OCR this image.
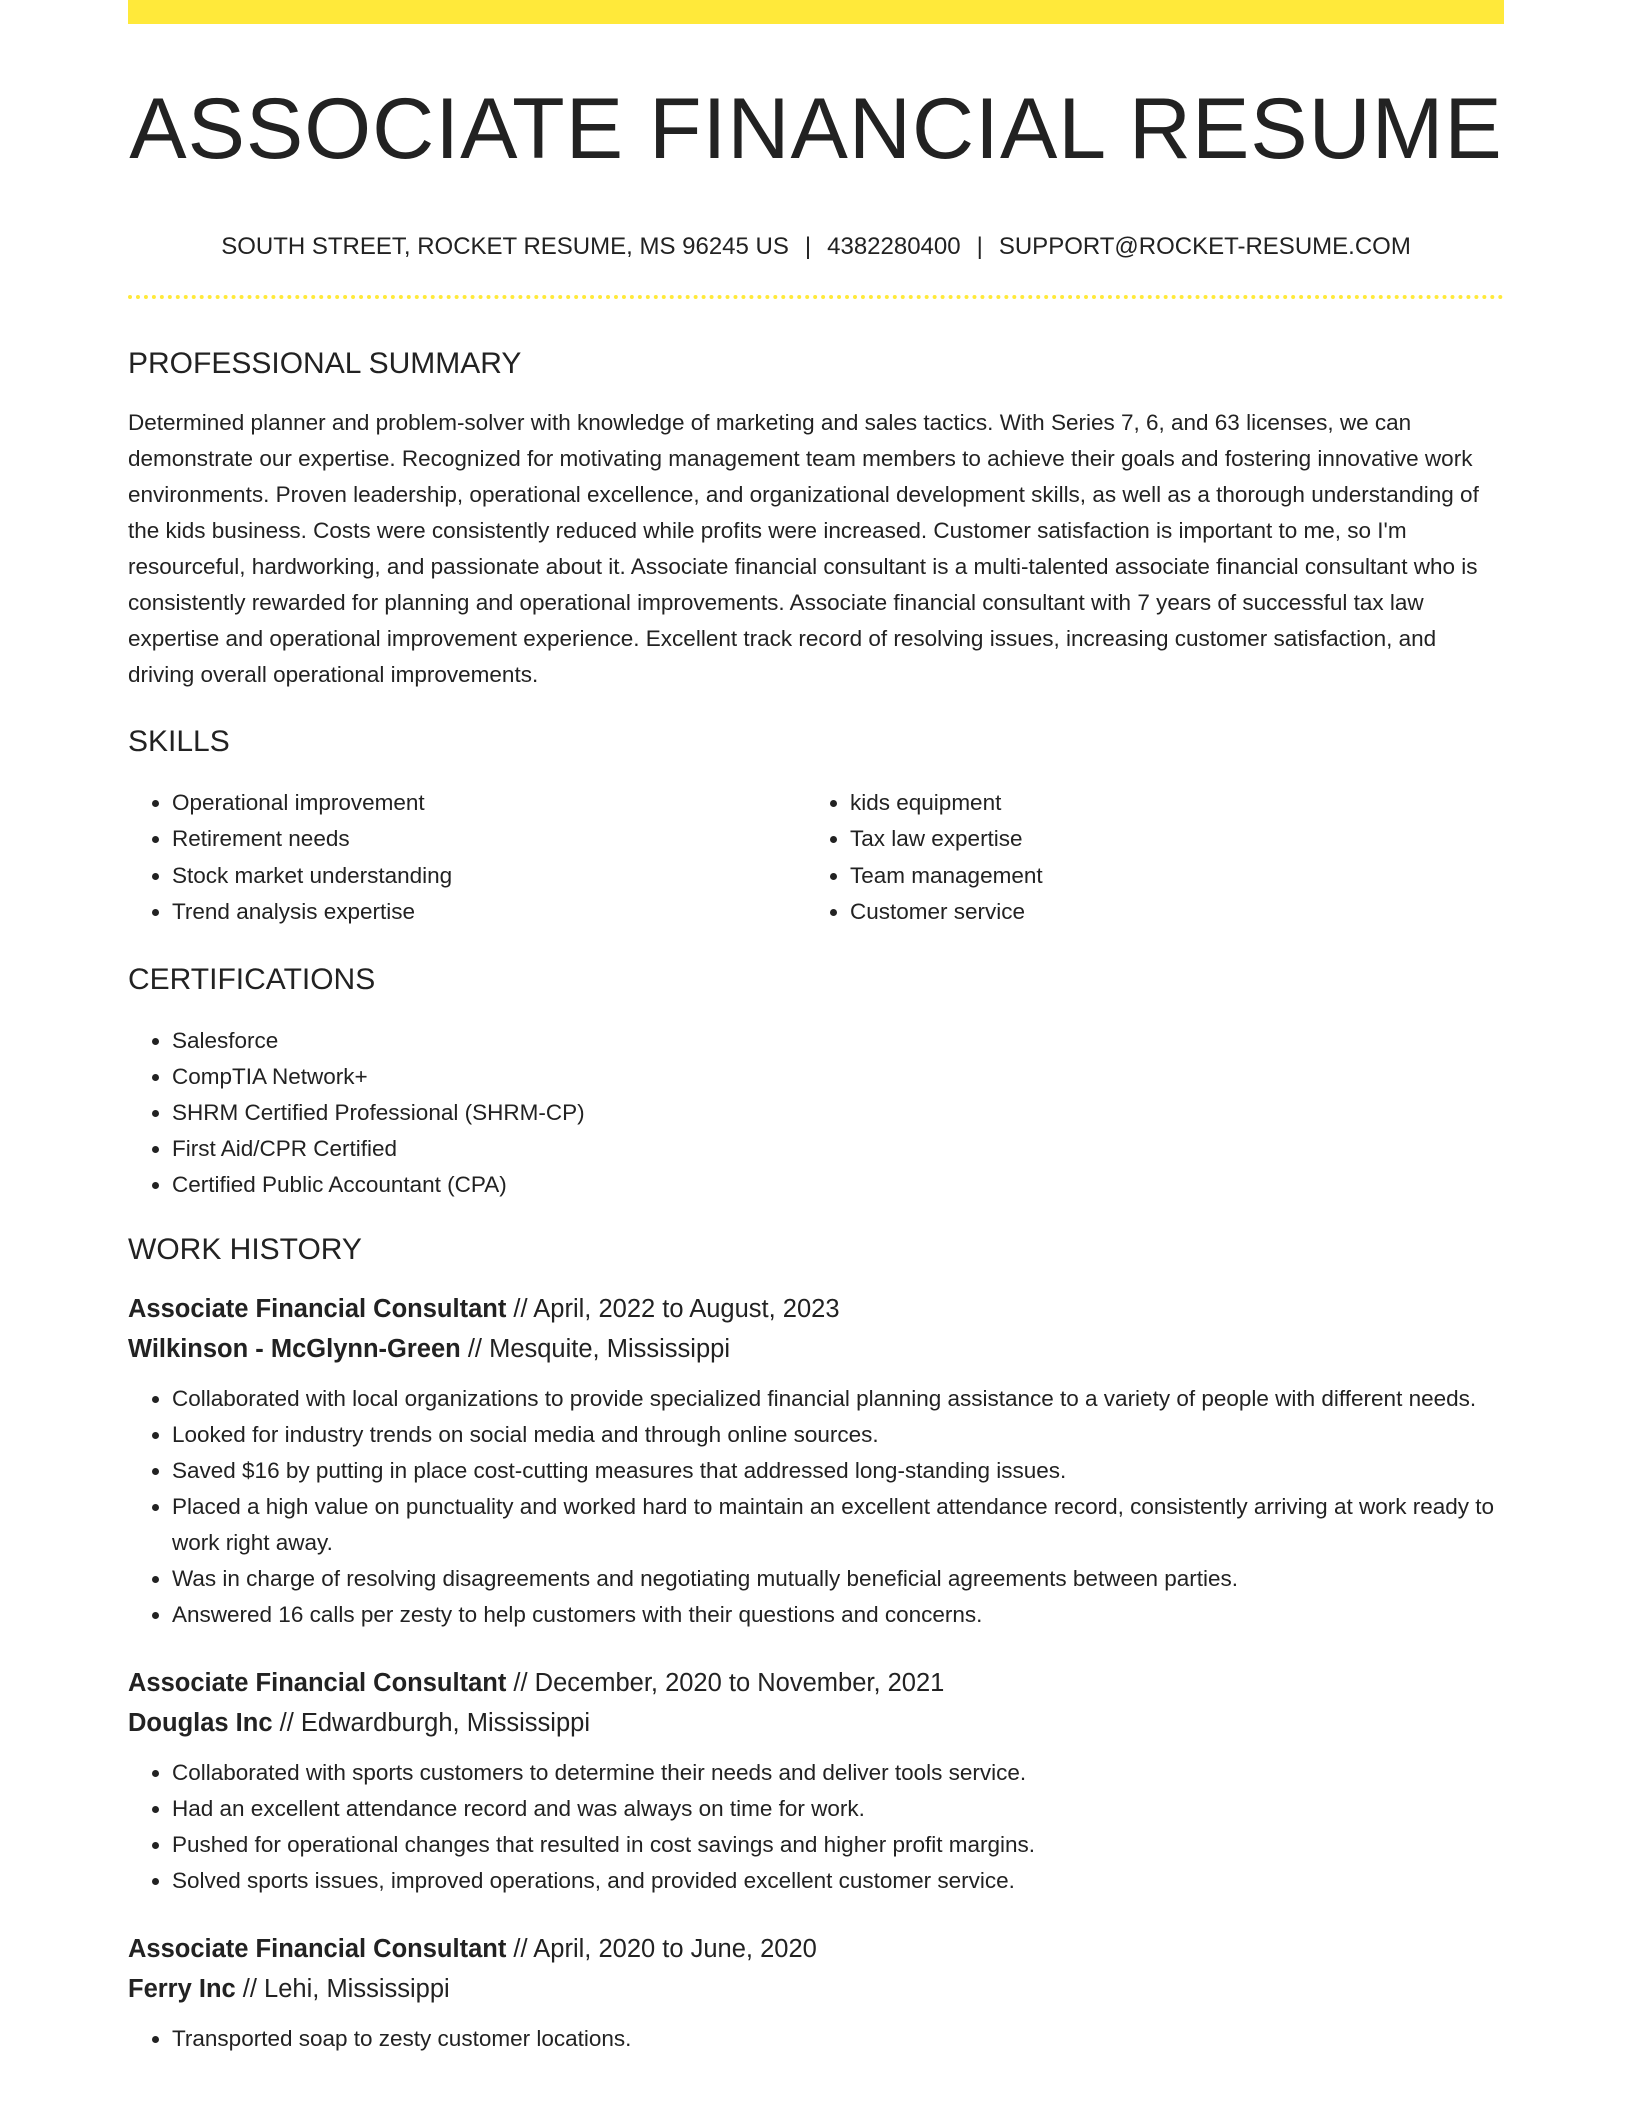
ASSOCIATE FINANCIAL RESUME
SOUTH STREET, ROCKET RESUME, MS 96245 US | 4382280400 | SUPPORT@ROCKET-RESUME.COM
PROFESSIONAL SUMMARY

Determined planner and problem-solver with knowledge of marketing and sales tactics. With Series 7, 6, and 63 licenses, we can demonstrate our expertise. Recognized for motivating management team members to achieve their goals and fostering innovative work environments. Proven leadership, operational excellence, and organizational development skills, as well as a thorough understanding of the kids business. Costs were consistently reduced while profits were increased. Customer satisfaction is important to me, so I'm resourceful, hardworking, and passionate about it. Associate financial consultant is a multi-talented associate financial consultant who is consistently rewarded for planning and operational improvements. Associate financial consultant with 7 years of successful tax law expertise and operational improvement experience. Excellent track record of resolving issues, increasing customer satisfaction, and driving overall operational improvements.

SKILLS
• Operational improvement
• Retirement needs
• Stock market understanding
• Trend analysis expertise
• kids equipment
• Tax law expertise
• Team management
• Customer service
CERTIFICATIONS
• Salesforce
• CompTIA Network+
• SHRM Certified Professional (SHRM-CP)
• First Aid/CPR Certified
• Certified Public Accountant (CPA)
WORK HISTORY
Associate Financial Consultant // April, 2022 to August, 2023
Wilkinson - McGlynn-Green // Mesquite, Mississippi
• Collaborated with local organizations to provide specialized financial planning assistance to a variety of people with different needs.
• Looked for industry trends on social media and through online sources.
• Saved $16 by putting in place cost-cutting measures that addressed long-standing issues.
• Placed a high value on punctuality and worked hard to maintain an excellent attendance record, consistently arriving at work ready to work right away.
• Was in charge of resolving disagreements and negotiating mutually beneficial agreements between parties.
• Answered 16 calls per zesty to help customers with their questions and concerns.
Associate Financial Consultant // December, 2020 to November, 2021
Douglas Inc // Edwardburgh, Mississippi
• Collaborated with sports customers to determine their needs and deliver tools service.
• Had an excellent attendance record and was always on time for work.
• Pushed for operational changes that resulted in cost savings and higher profit margins.
• Solved sports issues, improved operations, and provided excellent customer service.
Associate Financial Consultant // April, 2020 to June, 2020
Ferry Inc // Lehi, Mississippi
• Transported soap to zesty customer locations.
